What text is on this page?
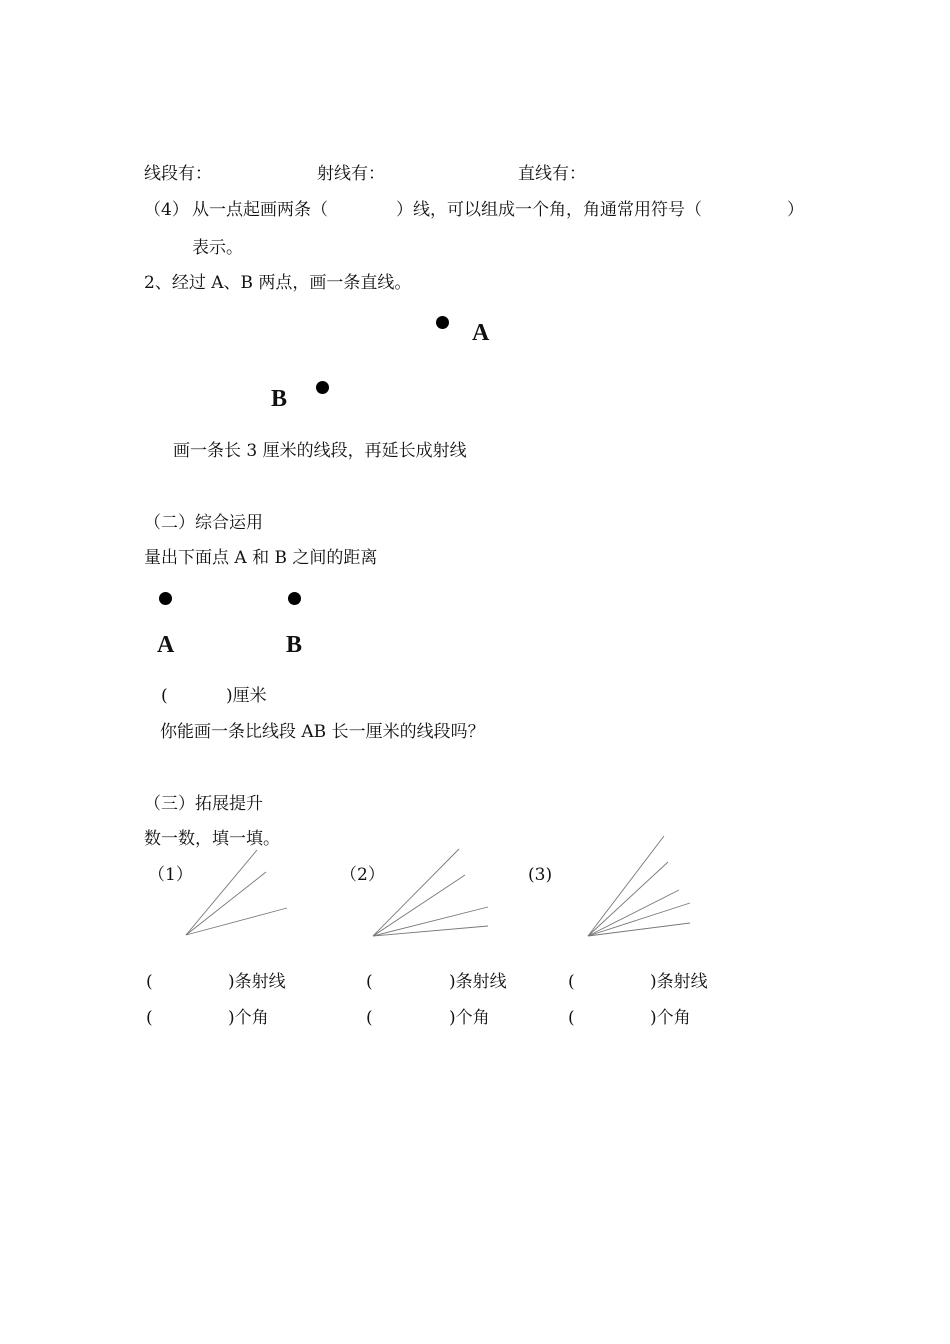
线段有：	射线有：	直线有：
（4） 从一点起画两条（	）线，可以组成一个角，角通常用符号（	）
表示。
2、经过 A、B 两点，画一条直线。
A
B
画一条长 3 厘米的线段，再延长成射线
（二）综合运用
量出下面点 A 和 B 之间的距离
A	B
(	)厘米
你能画一条比线段 AB 长一厘米的线段吗？
（三）拓展提升
数一数，填一填。
（1）	（2）	(3)
(	)条射线	(	)条射线	(	)条射线
(	)个角	(	)个角	(	)个角
